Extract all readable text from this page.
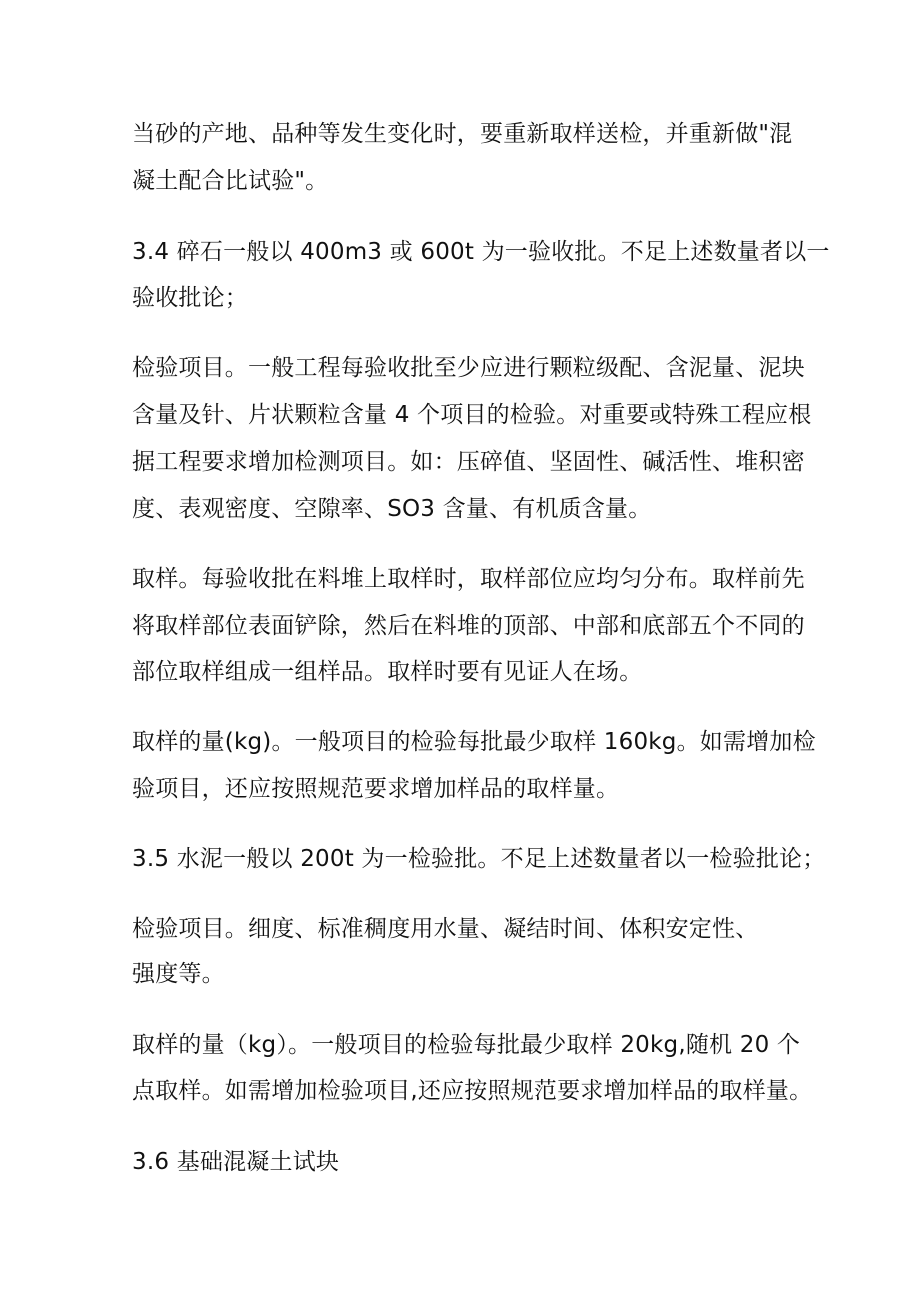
当砂的产地、品种等发生变化时，要重新取样送检，并重新做"混

凝土配合比试验"。

3.4 碎石一般以 400m3 或 600t 为一验收批。不足上述数量者以一

验收批论；

检验项目。一般工程每验收批至少应进行颗粒级配、含泥量、泥块

含量及针、片状颗粒含量 4 个项目的检验。对重要或特殊工程应根

据工程要求增加检测项目。如：压碎值、坚固性、碱活性、堆积密

度、表观密度、空隙率、SO3 含量、有机质含量。

取样。每验收批在料堆上取样时，取样部位应均匀分布。取样前先

将取样部位表面铲除，然后在料堆的顶部、中部和底部五个不同的

部位取样组成一组样品。取样时要有见证人在场。

取样的量(kg)。一般项目的检验每批最少取样 160kg。如需增加检

验项目，还应按照规范要求增加样品的取样量。

3.5 水泥一般以 200t 为一检验批。不足上述数量者以一检验批论；

检验项目。细度、标准稠度用水量、凝结时间、体积安定性、

强度等。

取样的量（kg）。一般项目的检验每批最少取样 20kg,随机 20 个

点取样。如需增加检验项目,还应按照规范要求增加样品的取样量。

3.6 基础混凝土试块
